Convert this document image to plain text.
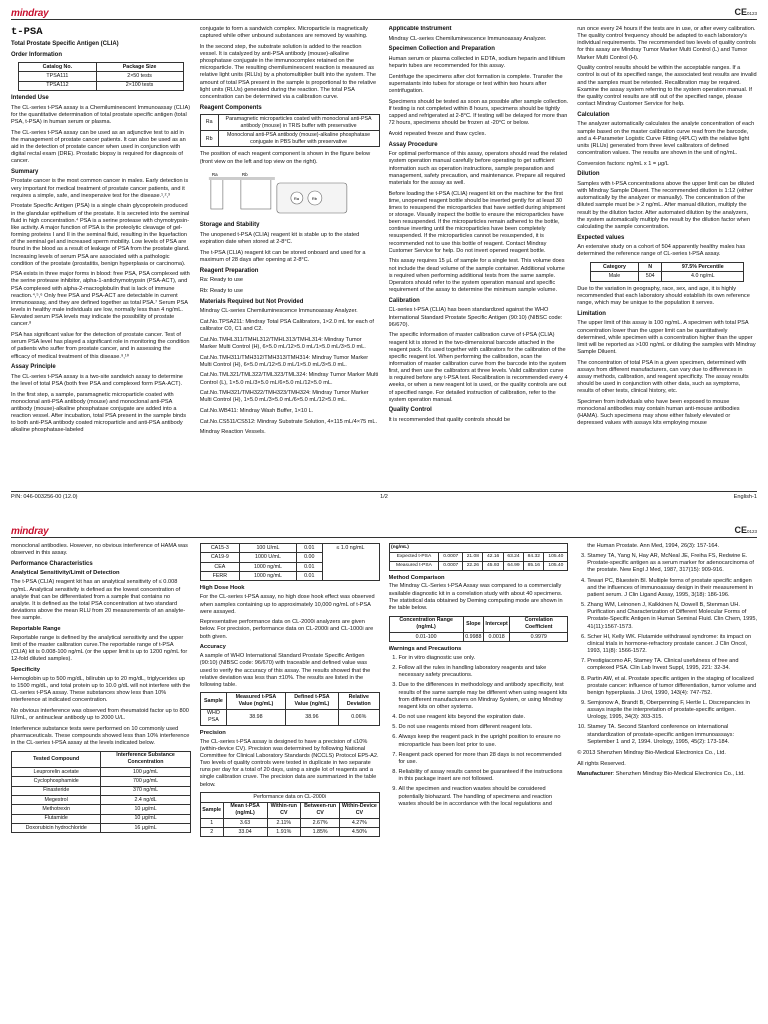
mindray	CE0123
t-PSA
Total Prostate Specific Antigen (CLIA)
Order Information
Catalog No.	Package Size
TPSA111	2×50 tests
TPSA112	2×100 tests
Intended Use

The CL-series t-PSA assay is a Chemiluminescent Immunoassay (CLIA) for the quantitative determination of total prostate specific antigen (total PSA, t-PSA) in human serum or plasma.

The CL-series t-PSA assay can be used as an adjunctive test to aid in the management of prostate cancer patients. It can also be used as an aid in the detection of prostate cancer when used in conjunction with digital rectal exam (DRE). Prostatic biopsy is required for diagnosis of cancer.

Summary

Prostate cancer is the most common cancer in males. Early detection is very important for medical treatment of prostate cancer patients, and it requires a simple, safe, and inexpensive test for the disease.¹,²,³

Prostate Specific Antigen (PSA) is a single chain glycoprotein produced in the glandular epithelium of the prostate. It is secreted into the seminal fluid in high concentration.⁴ PSA is a serine protease with chymotrypsin-like activity. A major function of PSA is the proteolytic cleavage of gel-forming proteins I and II in the seminal fluid, resulting in the liquefaction of the seminal gel and increased sperm mobility. Low levels of PSA are found in the blood as a result of leakage of PSA from the prostate gland. Increasing levels of serum PSA are associated with a pathologic condition of the prostate (prostatitis, benign hyperplasia or carcinoma).

PSA exists in three major forms in blood: free PSA, PSA complexed with the serine protease inhibitor, alpha-1-antichymotrypsin (PSA-ACT), and PSA complexed with alpha-2-macroglobulin that is lack of immune reaction.⁴,⁵,⁶ Only free PSA and PSA-ACT are detectable in current immunoassay, and they are defined together as total PSA.⁷ Serum PSA levels in healthy male individuals are low, normally less than 4 ng/mL. Elevated serum PSA levels may indicate the possibility of prostate cancer.⁸

PSA has significant value for the detection of prostate cancer. Test of serum PSA level has played a significant role in monitoring the condition of patients who suffer from prostate cancer, and in assessing the efficacy of medical treatment of this disease.⁹,¹⁰

Assay Principle

The CL-series t-PSA assay is a two-site sandwich assay to determine the level of total PSA (both free PSA and complexed form PSA-ACT).

In the first step, a sample, paramagnetic microparticle coated with monoclonal anti-PSA antibody (mouse) and monoclonal anti-PSA antibody (mouse)-alkaline phosphatase conjugate are added into a reaction vessel. After incubation, total PSA present in the sample binds to both anti-PSA antibody coated microparticle and anti-PSA antibody alkaline phosphatase-labeled

conjugate to form a sandwich complex. Microparticle is magnetically captured while other unbound substances are removed by washing.

In the second step, the substrate solution is added to the reaction vessel. It is catalyzed by anti-PSA antibody (mouse)-alkaline phosphatase conjugate in the immunocomplex retained on the microparticle. The resulting chemiluminescent reaction is measured as relative light units (RLUs) by a photomultiplier built into the system. The amount of total PSA present in the sample is proportional to the relative light units (RLUs) generated during the reaction. The total PSA concentration can be determined via a calibration curve.

Reagent Components
Ra	Paramagnetic microparticles coated with monoclonal anti-PSA antibody (mouse) in TRIS buffer with preservative
Rb	Monoclonal anti-PSA antibody (mouse)-alkaline phosphatase conjugate in PBS buffer with preservative

The position of each reagent component is shown in the figure below (front view on the left and top view on the right).

Ra	Rb
Ra	Rb
Storage and Stability

The unopened t-PSA (CLIA) reagent kit is stable up to the stated expiration date when stored at 2-8°C.

The t-PSA (CLIA) reagent kit can be stored onboard and used for a maximum of 28 days after opening at 2-8°C.

Reagent Preparation

Ra: Ready to use

Rb: Ready to use

Materials Required but Not Provided

Mindray CL-series Chemiluminescence Immunoassay Analyzer.

Cat.No.TPSA211: Mindray Total PSA Calibrators, 1×2.0 mL for each of calibrator C0, C1 and C2.

Cat.No.TMHL311/TMHL312/TMHL313/TMHL314: Mindray Tumor Marker Multi Control (H), 6×5.0 mL/12×5.0 mL/1×5.0 mL/3×5.0 mL.

Cat.No.TMH311/TMH312/TMH313/TMH314: Mindray Tumor Marker Multi Control (H), 6×5.0 mL/12×5.0 mL/1×5.0 mL/3×5.0 mL.

Cat.No.TML321/TML322/TML323/TML324: Mindray Tumor Marker Multi Control (L), 1×5.0 mL/3×5.0 mL/6×5.0 mL/12×5.0 mL.

Cat.No.TMH321/TMH322/TMH323/TMH324: Mindray Tumor Marker Multi Control (H), 1×5.0 mL/3×5.0 mL/6×5.0 mL/12×5.0 mL.

Cat.No.WB411: Mindray Wash Buffer, 1×10 L.

Cat.No.CS511/CS512: Mindray Substrate Solution, 4×115 mL/4×75 mL.

Mindray Reaction Vessels.

Applicable Instrument

Mindray CL-series Chemiluminescence Immunoassay Analyzer.

Specimen Collection and Preparation

Human serum or plasma collected in EDTA, sodium heparin and lithium heparin tubes are recommended for this assay.

Centrifuge the specimens after clot formation is complete. Transfer the supernatants into tubes for storage or test within two hours after centrifugation.

Specimens should be tested as soon as possible after sample collection. If testing is not completed within 8 hours, specimens should be tightly capped and refrigerated at 2-8°C. If testing will be delayed for more than 72 hours, specimens should be frozen at -20°C or below.

Avoid repeated freeze and thaw cycles.

Assay Procedure

For optimal performance of this assay, operators should read the related system operation manual carefully before operating to get sufficient information such as operation instructions, sample preparation and management, safety precaution, and maintenance. Prepare all required materials for the assay as well.

Before loading the t-PSA (CLIA) reagent kit on the machine for the first time, unopened reagent bottle should be inverted gently for at least 30 times to resuspend the microparticles that have settled during shipment or storage. Visually inspect the bottle to ensure the microparticles have been resuspended. If the microparticles remain adhered to the bottle, continue inverting until the microparticles have been completely resuspended. If the microparticles cannot be resuspended, it is recommended not to use this bottle of reagent. Contact Mindray Customer Service for help. Do not invert opened reagent bottle.

This assay requires 15 μL of sample for a single test. This volume does not include the dead volume of the sample container. Additional volume is required when performing additional tests from the same sample. Operators should refer to the system operation manual and specific requirement of the assay to determine the minimum sample volume.

Calibration

CL-series t-PSA (CLIA) has been standardized against the WHO International Standard Prostate Specific Antigen (90:10) (NIBSC code: 96/670).

The specific information of master calibration curve of t-PSA (CLIA) reagent kit is stored in the two-dimensional barcode attached in the reagent pack. It's used together with calibrators for the calibration of the specific reagent lot. When performing the calibration, scan the information of master calibration curve from the barcode into the system first, and then use the calibrators at three levels. Valid calibration curve is required before any t-PSA test. Recalibration is recommended every 4 weeks, or when a new reagent lot is used, or the quality controls are out of specified range. For detailed instruction of calibration, refer to the system operation manual.

Quality Control

It is recommended that quality controls should be

run once every 24 hours if the tests are in use, or after every calibration. The quality control frequency should be adapted to each laboratory's individual requirements. The recommended two levels of quality controls for this assay are Mindray Tumor Marker Multi Control (L) and Tumor Marker Multi Control (H).

Quality control results should be within the acceptable ranges. If a control is out of its specified range, the associated test results are invalid and the samples must be retested. Recalibration may be required. Examine the assay system referring to the system operation manual. If the quality control results are still out of the specified range, please contact Mindray Customer Service for help.

Calculation

The analyzer automatically calculates the analyte concentration of each sample based on the master calibration curve read from the barcode, and a 4-Parameter Logistic Curve Fitting (4PLC) with the relative light units (RLUs) generated from three level calibrators of defined concentration values. The results are shown in the unit of ng/mL.

Conversion factors: ng/mL x 1 = μg/L

Dilution

Samples with t-PSA concentrations above the upper limit can be diluted with Mindray Sample Diluent. The recommended dilution is 1:12 (either automatically by the analyzer or manually). The concentration of the diluted sample must be > 2 ng/mL. After manual dilution, multiply the result by the dilution factor. After automated dilution by the analyzers, the system automatically multiply the result by the dilution factor when calculating the sample concentration.

Expected values

An extensive study on a cohort of 504 apparently healthy males has determined the reference range of CL-series t-PSA assay.

Category	N	97.5% Percentile
Male	504	4.0 ng/mL

Due to the variation in geography, race, sex, and age, it is highly recommended that each laboratory should establish its own reference range, which may be unique to the population it serves.

Limitation

The upper limit of this assay is 100 ng/mL. A specimen with total PSA concentration lower than the upper limit can be quantitatively determined, while specimen with a concentration higher than the upper limit will be reported as >100 ng/mL or diluting the samples with Mindray Sample Diluent.

The concentration of total PSA in a given specimen, determined with assays from different manufacturers, can vary due to differences in assay methods, calibration, and reagent specificity. The assay results should be used in conjunction with other data, such as symptoms, results of other tests, clinical history, etc.

Specimen from individuals who have been exposed to mouse monoclonal antibodies may contain human anti-mouse antibodies (HAMA). Such specimens may show either falsely elevated or depressed values with assays kits employing mouse

P/N: 046-003256-00 (12.0)	1/2	English-1
mindray	CE0123

monoclonal antibodies. However, no obvious interference of HAMA was observed in this assay.

Performance Characteristics
Analytical Sensitivity/Limit of Detection

The t-PSA (CLIA) reagent kit has an analytical sensitivity of ≤ 0.008 ng/mL. Analytical sensitivity is defined as the lowest concentration of analyte that can be differentiated from a sample that contains no analyte. It is defined as the total PSA concentration at two standard deviations above the mean RLU from 20 measurements of an analyte-free sample.

Reportable Range

Reportable range is defined by the analytical sensitivity and the upper limit of the master calibration curve.The reportable range of t-PSA (CLIA) kit is 0.008-100 ng/mL (or the upper limit is up to 1200 ng/mL for 12-fold diluted samples).

Specificity

Hemoglobin up to 500 mg/dL, bilirubin up to 20 mg/dL, triglycerides up to 1500 mg/dL, and total protein up to 10.0 g/dL will not interfere with the CL-series t-PSA assay. These substances show less than 10% interference at indicated concentration.

No obvious interference was observed from rheumatoid factor up to 800 IU/mL, or antinuclear antibody up to 2000 U/L.

Interference substance tests were performed on 10 commonly used pharmaceuticals. These compounds showed less than 10% interference in the CL-series t-PSA assay at the levels indicated below.

Tested Compound	Interference Substance Concentration
Leuprorelin acetate	100 μg/mL
Cyclophosphamide	700 μg/mL
Finasteride	370 ng/mL
Megestrol	2.4 ng/dL
Methotrexin	10 μg/mL
Flutamide	10 μg/mL
Doxorubicin hydrochloride	16 μg/mL
CA15-3	100 U/mL	0.01	≤ 1.0 ng/mL
CA19-9	1000 U/mL	0.00	
CEA	1000 ng/mL	0.01	
FERR	1000 ng/mL	0.01	
High Dose Hook

For the CL-series t-PSA assay, no high dose hook effect was observed when samples containing up to approximately 10,000 ng/mL of t-PSA were assayed.

Representative performance data on CL-2000i analyzers are given below. For precision, performance data on CL-2000i and CL-1000i are both given.

Accuracy

A sample of WHO International Standard Prostate Specific Antigen (90:10) (NIBSC code: 96/670) with traceable and defined value was used to verify the accuracy of this assay. The results showed that the relative deviation was less than ±10%. The results are listed in the following table.

Sample	Measured t-PSA Value (ng/mL)	Defined t-PSA Value (ng/mL)	Relative Deviation
WHO PSA	38.98	38.96	0.06%
Precision

The CL-series t-PSA assay is designed to have a precision of ≤10% (within-device CV). Precision was determined by following National Committee for Clinical Laboratory Standards (NCCLS) Protocol EP5-A2. Two levels of quality controls were tested in duplicate in two separate runs per day for a total of 20 days, using a single lot of reagents and a single calibration cruve. The precision data are summarized in the table below.

Performance data on CL-2000i				
Sample	Mean t-PSA (ng/mL)	Within-run CV	Between-run CV	Within-Device CV
1	3.63	2.11%	2.67%	4.27%
2	33.04	1.91%	1.85%	4.50%
(ng/mL)						
Expected t-PSA	0.0007	21.08	42.16	63.24	84.32	105.40
Measured t-PSA	0.0007	22.26	45.93	64.99	85.16	105.40
Method Comparison

The Mindray CL-Series t-PSA Assay was compared to a commercially available diagnostic kit in a correlation study with about 40 specimens. The statistical data obtained by Deming computing mode are shown in the table below.

Concentration Range (ng/mL)	Slope	Intercept	Correlation Coefficient
0.01-100	0.9988	0.0018	0.9979
Warnings and Precautions
1. For in vitro diagnostic use only.
2. Follow all the rules in handling laboratory reagents and take necessary safety precautions.
3. Due to the differences in methodology and antibody specificity, test results of the same sample may be different when using reagent kits from different manufacturers on Mindray System, or using Mindray reagent kits on other systems.
4. Do not use reagent kits beyond the expiration date.
5. Do not use reagents mixed from different reagent lots.
6. Always keep the reagent pack in the upright position to ensure no microparticle has been lost prior to use.
7. Reagent pack opened for more than 28 days is not recommended for use.
8. Reliability of assay results cannot be guaranteed if the instructions in this package insert are not followed.
9. All the specimen and reaction wastes should be considered potentially biohazard. The handling of specimens and reaction wastes should be in accordance with the local regulations and

the Human Prostate. Ann Med, 1994, 26(3): 157-164.

3. Stamey TA, Yang N, Hay AR, McNeal JE, Freiha FS, Redwine E. Prostate-specific antigen as a serum marker for adenocarcinoma of the prostate. New Engl J Med, 1987, 317(15): 909-916.
4. Tewari PC, Bluestein BI. Multiple forms of prostate specific antigen and the influences of immunoassay design in their measurement in patient serum. J Clin Ligand Assay, 1995, 3(18): 186-196.
5. Zhang WM, Leinonen J, Kalkkinen N, Dowell B, Stenman UH. Purification and Characterization of Different Molecular Forms of Prostate-Specific Antigen in Human Seminal Fluid. Clin Chem, 1995, 41(11):1567-1573.
6. Scher HI, Kelly WK. Flutamide withdrawal syndrome: its impact on clinical trials in hormone-refractory prostate cancer. J Clin Oncol, 1993, 11(8): 1566-1572.
7. Prestigiacomo AF, Stamey TA. Clinical usefulness of free and complexed PSA. Clin Lab Invest Suppl, 1995, 221: 32-34.
8. Partin AW, et al. Prostate specific antigen in the staging of localized prostate cancer: influence of tumor differentiation, tumor volume and benign hyperplasia. J Urol, 1990, 143(4): 747-752.
9. Semjonow A, Brandt B, Oberpenning F, Hertle L. Discrepancies in assays inspite the interpretation of prostate-specific antigen. Urology, 1995, 34(3): 303-315.
10. Stamey TA. Second Stanford conference on international standardization of prostate-specific antigen immunoassays: September 1 and 2, 1994. Urology, 1995, 45(2): 173-184.

© 2013 Shenzhen Mindray Bio-Medical Electronics Co., Ltd.

All rights Reserved.

Manufacturer: Shenzhen Mindray Bio-Medical Electronics Co., Ltd.
